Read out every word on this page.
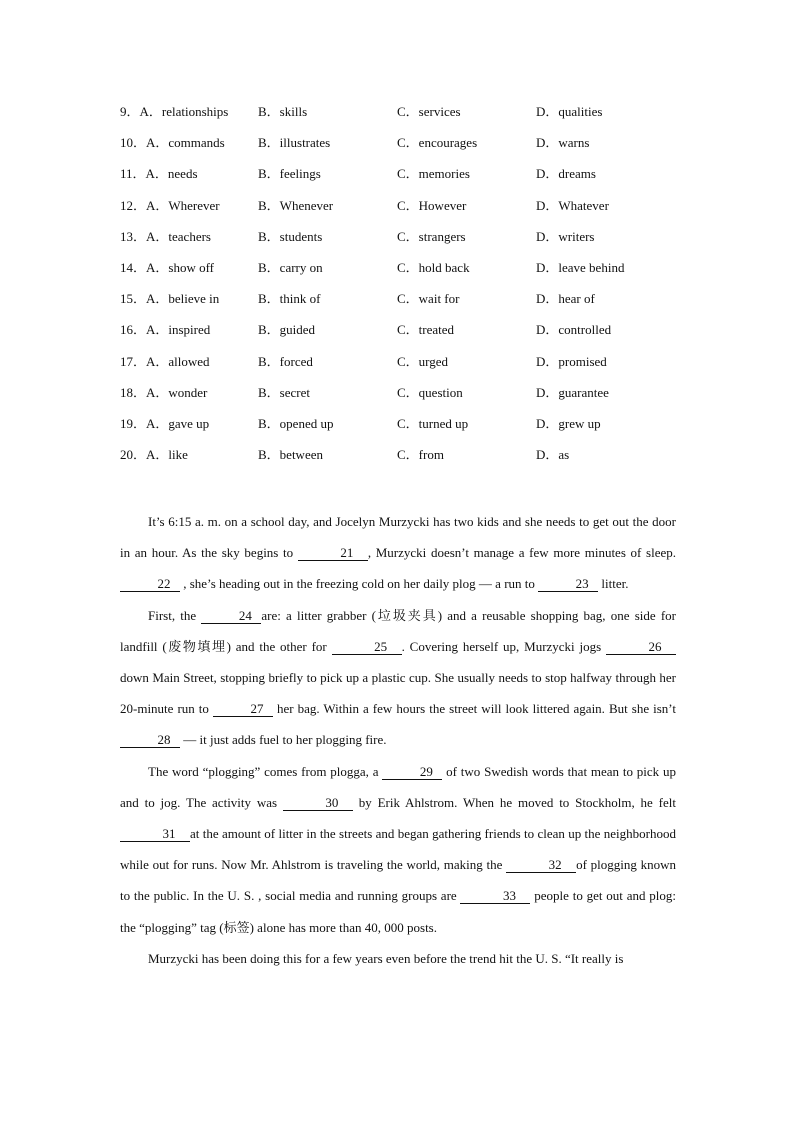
9．A．relationships B．skills	C．services	D．qualities
10．A．commands	B．illustrates	C．encourages	D．warns
11．A．needs	B．feelings	C．memories	D．dreams
12．A．Wherever	B．Whenever	C．However	D．Whatever
13．A．teachers	B．students	C．strangers	D．writers
14．A．show off	B．carry on	C．hold back	D．leave behind
15．A．believe in	B．think of	C．wait for	D．hear of
16．A．inspired	B．guided	C．treated	D．controlled
17．A．allowed	B．forced	C．urged	D．promised
18．A．wonder	B．secret	C．question	D．guarantee
19．A．gave up	B．opened up	C．turned up	D．grew up
20．A．like	B．between	C．from	D．as

It’s 6:15 a. m. on a school day, and Jocelyn Murzycki has two kids and she needs to get out the door in an hour. As the sky begins to	21 , Murzycki doesn’t manage a few more minutes of sleep. 22 , she’s heading out in the freezing cold on her daily plog — a run to	23 litter.

First, the	24 are: a litter grabber (垃圾夹具) and a reusable shopping bag, one side for landfill (废物填埋) and the other for	25 . Covering herself up, Murzycki jogs	26 down Main Street, stopping briefly to pick up a plastic cup. She usually needs to stop halfway through her 20-minute run to	27 her bag. Within a few hours the street will look littered again. But she isn’t 28 — it just adds fuel to her plogging fire.

The word “plogging” comes from plogga, a	29 of two Swedish words that mean to pick up and to jog. The activity was	30 by Erik Ahlstrom. When he moved to Stockholm, he felt31 at the amount of litter in the streets and began gathering friends to clean up the neighborhood while out for runs. Now Mr. Ahlstrom is traveling the world, making the	32 of plogging known to the public. In the U. S. , social media and running groups are	33 people to get out and plog: the “plogging” tag (标签) alone has more than 40, 000 posts.

Murzycki has been doing this for a few years even before the trend hit the U. S. “It really is
